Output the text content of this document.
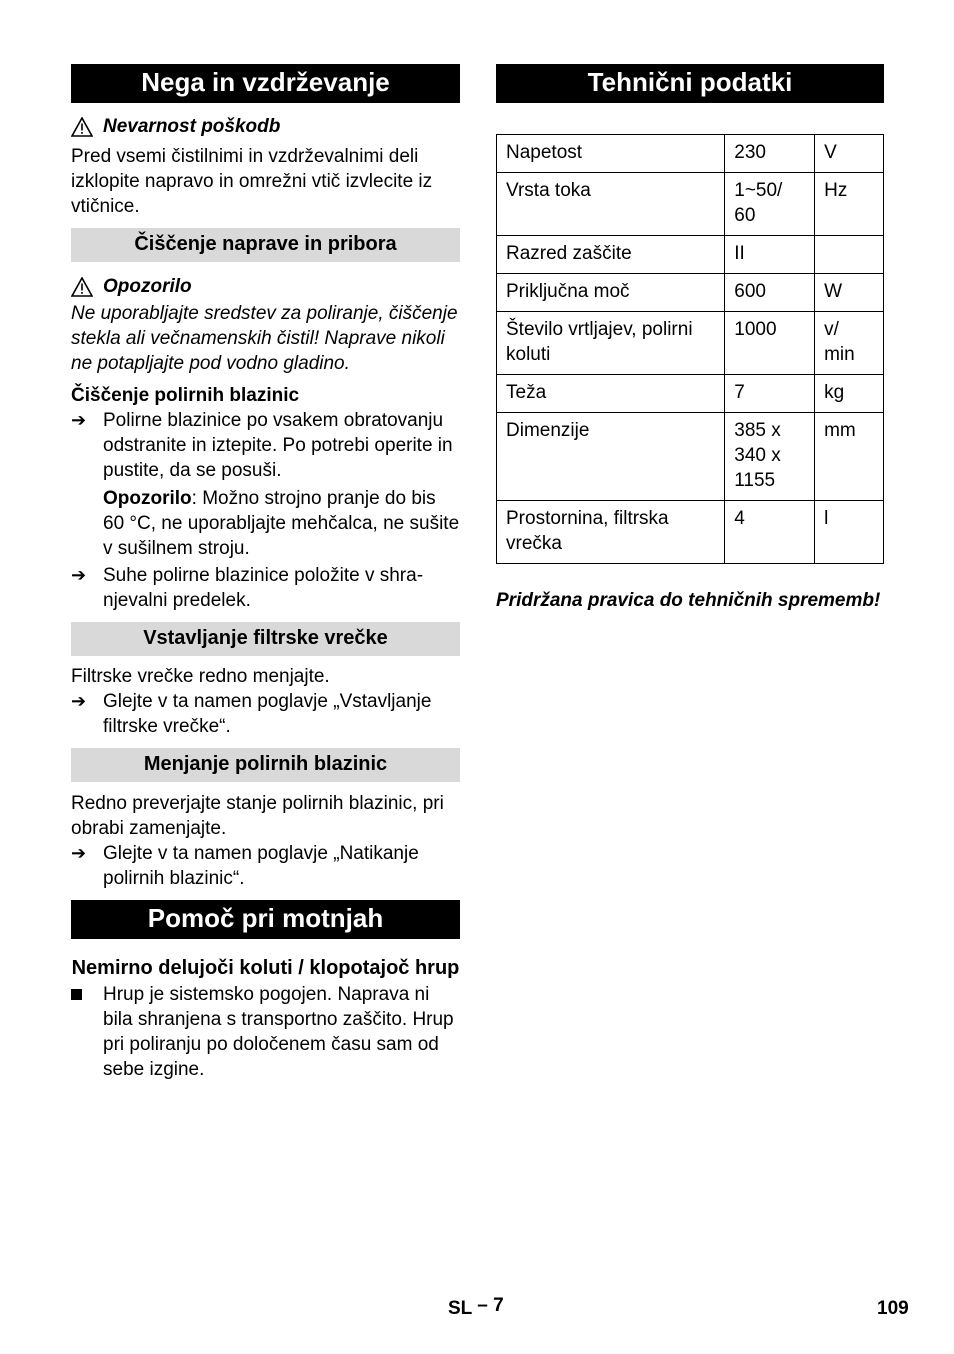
Nega in vzdrževanje
Nevarnost poškodb
Pred vsemi čistilnimi in vzdrževalnimi deli izklopite napravo in omrežni vtič izvlecite iz vtičnice.
Čiščenje naprave in pribora
Opozorilo
Ne uporabljajte sredstev za poliranje, čiščenje stekla ali večnamenskih čistil! Naprave nikoli ne potapljajte pod vodno gladino.
Čiščenje polirnih blazinic
➔ Polirne blazinice po vsakem obratovanju odstranite in iztepite. Po potrebi operite in pustite, da se posuši.
Opozorilo: Možno strojno pranje do bis 60 °C, ne uporabljajte mehčalca, ne sušite v sušilnem stroju.
➔ Suhe polirne blazinice položite v shranjevalni predelek.
Vstavljanje filtrske vrečke
Filtrske vrečke redno menjajte.
➔ Glejte v ta namen poglavje „Vstavljanje filtrske vrečke“.
Menjanje polirnih blazinic
Redno preverjajte stanje polirnih blazinic, pri obrabi zamenjajte.
➔ Glejte v ta namen poglavje „Natikanje polirnih blazinic“.
Pomoč pri motnjah
Nemirno delujoči koluti / klopotajoč hrup
Hrup je sistemsko pogojen. Naprava ni bila shranjena s transportno zaščito. Hrup pri poliranju po določenem času sam od sebe izgine.
Tehnični podatki
Napetost	230	V
Vrsta toka	1~50/ 60	Hz
Razred zaščite	II	
Priključna moč	600	W
Število vrtljajev, polirni koluti	1000	v/ min
Teža	7	kg
Dimenzije	385 x 340 x 1155	mm
Prostornina, filtrska vrečka	4	l
Pridržana pravica do tehničnih sprememb!
SL – 7	109
